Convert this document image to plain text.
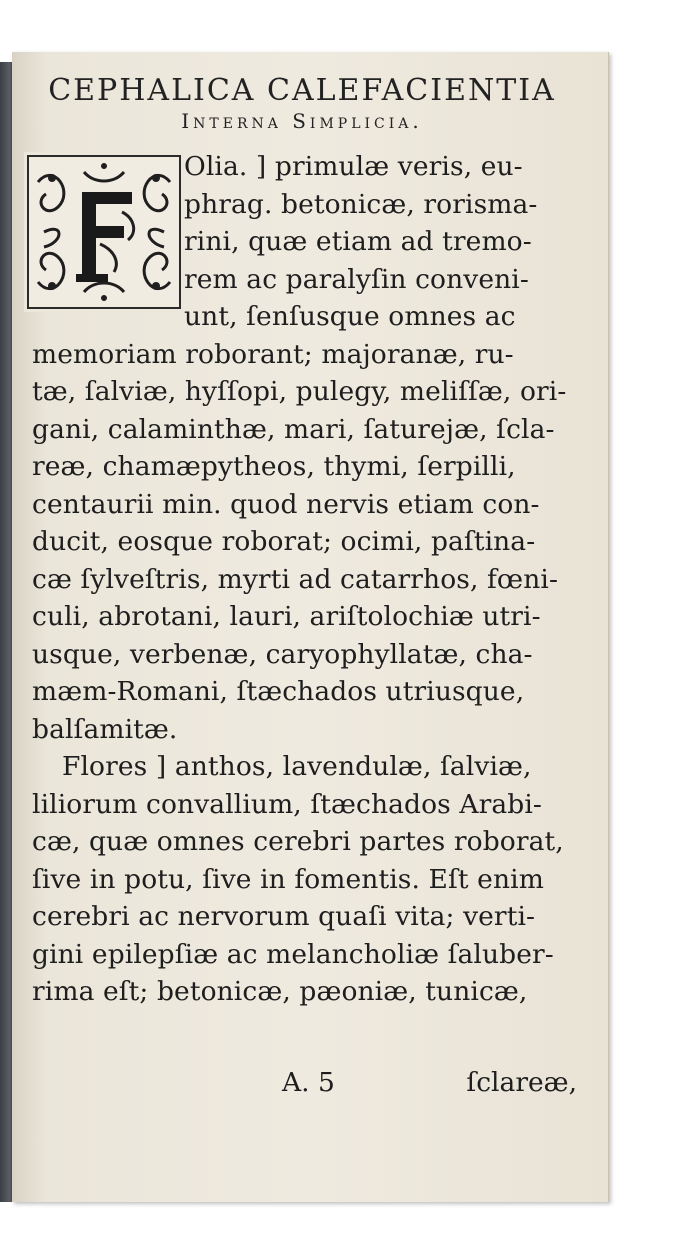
CEPHALICA CALEFACIENTIA
Interna Simplicia.
Olia. ] primulæ veris, eu-
phrag. betonicæ, rorismа-
rini, quæ etiam ad tremo-
rem ac paralyſin conveni-
unt, ſenſusque omnes ac
memoriam roborant; majoranæ, ru-
tæ, ſalviæ, hyſſopi, pulegy, meliſſæ, ori-
gani, calaminthæ, mari, ſaturejæ, ſcla-
reæ, chamæpytheos, thymi, ſerpilli,
centaurii min. quod nervis etiam con-
ducit, eosque roborat; ocimi, paſtina-
cæ ſylveſtris, myrti ad catarrhos, fœni-
culi, abrotani, lauri, ariſtolochiæ utri-
usque, verbenæ, caryophyllatæ, cha-
mæm-Romani, ſtæchados utriusque,
balſamitæ.
Flores ] anthos, lavendulæ, ſalviæ,
liliorum convallium, ſtæchados Arabi-
cæ, quæ omnes cerebri partes roborat,
ſive in potu, ſive in fomentis. Eſt enim
cerebri ac nervorum quaſi vita; verti-
gini epilepſiæ ac melancholiæ ſaluber-
rima eſt; betonicæ, pæoniæ, tunicæ,
A. 5	ſclareæ,
